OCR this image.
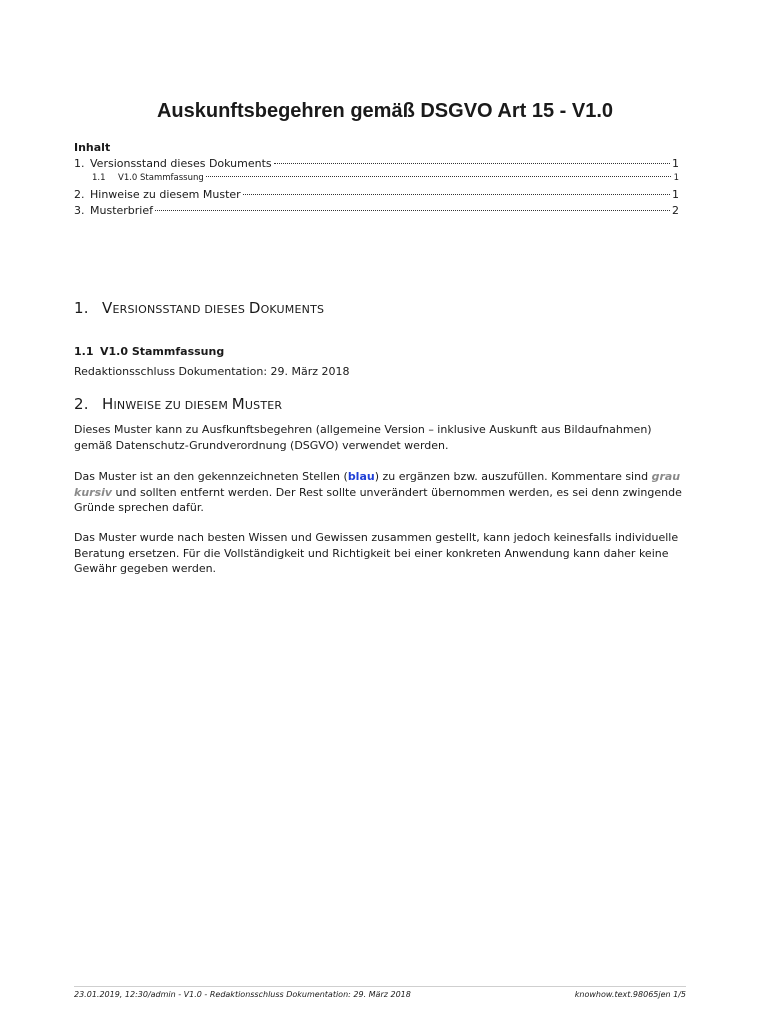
Auskunftsbegehren gemäß DSGVO Art 15 - V1.0
Inhalt
1. Versionsstand dieses Dokuments	1
1.1	V1.0 Stammfassung	1
2. Hinweise zu diesem Muster	1
3. Musterbrief	2
1. VERSIONSSTAND DIESES DOKUMENTS
1.1 V1.0 Stammfassung

Redaktionsschluss Dokumentation: 29. März 2018

2. HINWEISE ZU DIESEM MUSTER

Dieses Muster kann zu Ausfkunftsbegehren (allgemeine Version – inklusive Auskunft aus Bildaufnahmen) gemäß Datenschutz-Grundverordnung (DSGVO) verwendet werden.

Das Muster ist an den gekennzeichneten Stellen (blau) zu ergänzen bzw. auszufüllen. Kommentare sind grau kursiv und sollten entfernt werden. Der Rest sollte unverändert übernommen werden, es sei denn zwingende Gründe sprechen dafür.

Das Muster wurde nach besten Wissen und Gewissen zusammen gestellt, kann jedoch keinesfalls individuelle Beratung ersetzen. Für die Vollständigkeit und Richtigkeit bei einer konkreten Anwendung kann daher keine Gewähr gegeben werden.

23.01.2019, 12:30/admin - V1.0 - Redaktionsschluss Dokumentation: 29. März 2018	knowhow.text.98065jen 1/5
